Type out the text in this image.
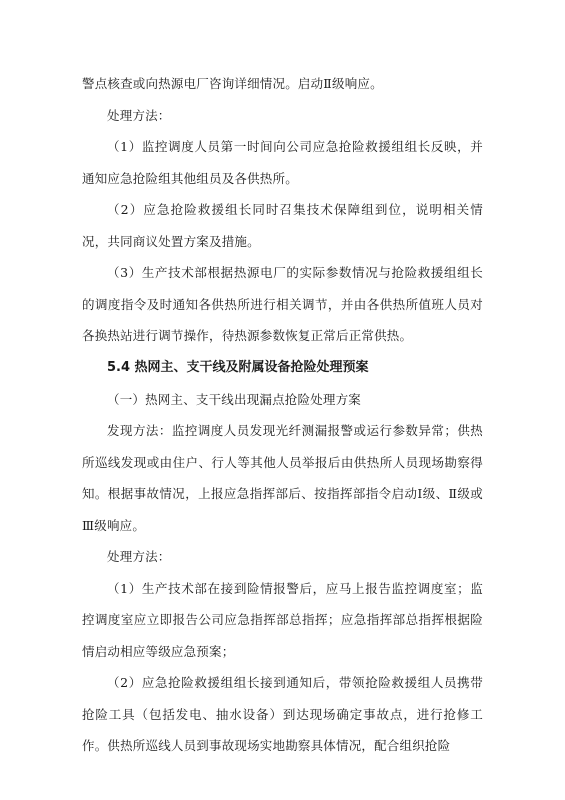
警点核查或向热源电厂咨询详细情况。启动Ⅱ级响应。

处理方法：

（1）监控调度人员第一时间向公司应急抢险救援组组长反映，并通知应急抢险组其他组员及各供热所。

（2）应急抢险救援组长同时召集技术保障组到位，说明相关情况，共同商议处置方案及措施。

（3）生产技术部根据热源电厂的实际参数情况与抢险救援组组长的调度指令及时通知各供热所进行相关调节，并由各供热所值班人员对各换热站进行调节操作，待热源参数恢复正常后正常供热。

5.4 热网主、支干线及附属设备抢险处理预案

（一）热网主、支干线出现漏点抢险处理方案

发现方法：监控调度人员发现光纤测漏报警或运行参数异常；供热所巡线发现或由住户、行人等其他人员举报后由供热所人员现场勘察得知。根据事故情况，上报应急指挥部后、按指挥部指令启动Ⅰ级、Ⅱ级或Ⅲ级响应。

处理方法：

（1）生产技术部在接到险情报警后，应马上报告监控调度室；监控调度室应立即报告公司应急指挥部总指挥；应急指挥部总指挥根据险情启动相应等级应急预案；

（2）应急抢险救援组组长接到通知后，带领抢险救援组人员携带抢险工具（包括发电、抽水设备）到达现场确定事故点，进行抢修工作。供热所巡线人员到事故现场实地勘察具体情况，配合组织抢险
